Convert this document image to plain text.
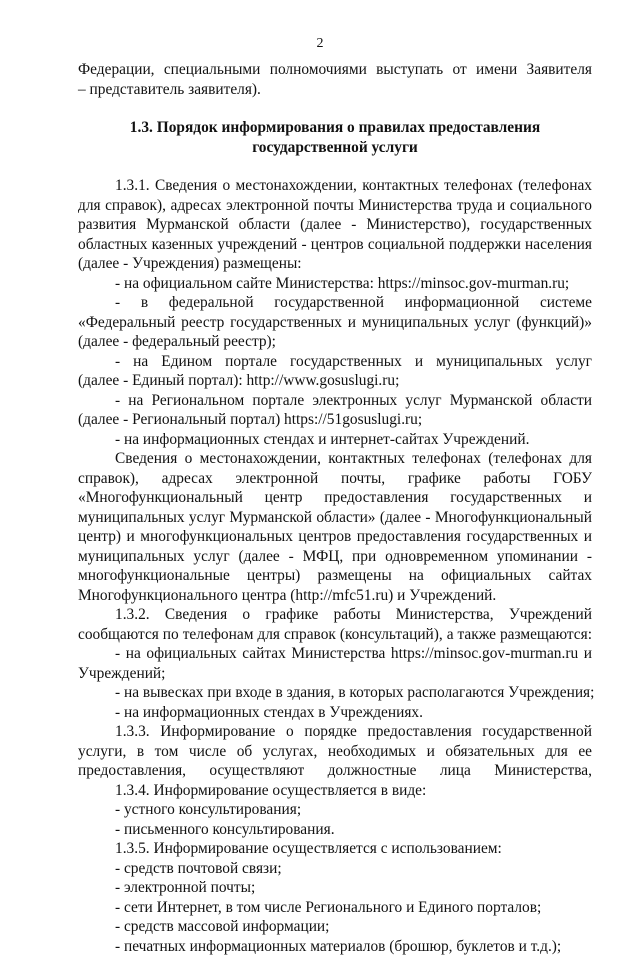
2
Федерации, специальными полномочиями выступать от имени Заявителя
– представитель заявителя).
1.3. Порядок информирования о правилах предоставления
государственной услуги
1.3.1. Сведения о местонахождении, контактных телефонах (телефонах
для справок), адресах электронной почты Министерства труда и социального
развития Мурманской области (далее - Министерство), государственных
областных казенных учреждений - центров социальной поддержки населения
(далее - Учреждения) размещены:
- на официальном сайте Министерства: https://minsoc.gov-murman.ru;
- в федеральной государственной информационной системе
«Федеральный реестр государственных и муниципальных услуг (функций)»
(далее - федеральный реестр);
- на Едином портале государственных и муниципальных услуг
(далее - Единый портал): http://www.gosuslugi.ru;
- на Региональном портале электронных услуг Мурманской области
(далее - Региональный портал) https://51gosuslugi.ru;
- на информационных стендах и интернет-сайтах Учреждений.
Сведения о местонахождении, контактных телефонах (телефонах для
справок), адресах электронной почты, графике работы ГОБУ
«Многофункциональный центр предоставления государственных и
муниципальных услуг Мурманской области» (далее - Многофункциональный
центр) и многофункциональных центров предоставления государственных и
муниципальных услуг (далее - МФЦ, при одновременном упоминании -
многофункциональные центры) размещены на официальных сайтах
Многофункционального центра (http://mfc51.ru) и Учреждений.
1.3.2. Сведения о графике работы Министерства, Учреждений
сообщаются по телефонам для справок (консультаций), а также размещаются:
- на официальных сайтах Министерства https://minsoc.gov-murman.ru и
Учреждений;
- на вывесках при входе в здания, в которых располагаются Учреждения;
- на информационных стендах в Учреждениях.
1.3.3. Информирование о порядке предоставления государственной
услуги, в том числе об услугах, необходимых и обязательных для ее
предоставления, осуществляют должностные лица Министерства,
1.3.4. Информирование осуществляется в виде:
- устного консультирования;
- письменного консультирования.
1.3.5. Информирование осуществляется с использованием:
- средств почтовой связи;
- электронной почты;
- сети Интернет, в том числе Регионального и Единого порталов;
- средств массовой информации;
- печатных информационных материалов (брошюр, буклетов и т.д.);
